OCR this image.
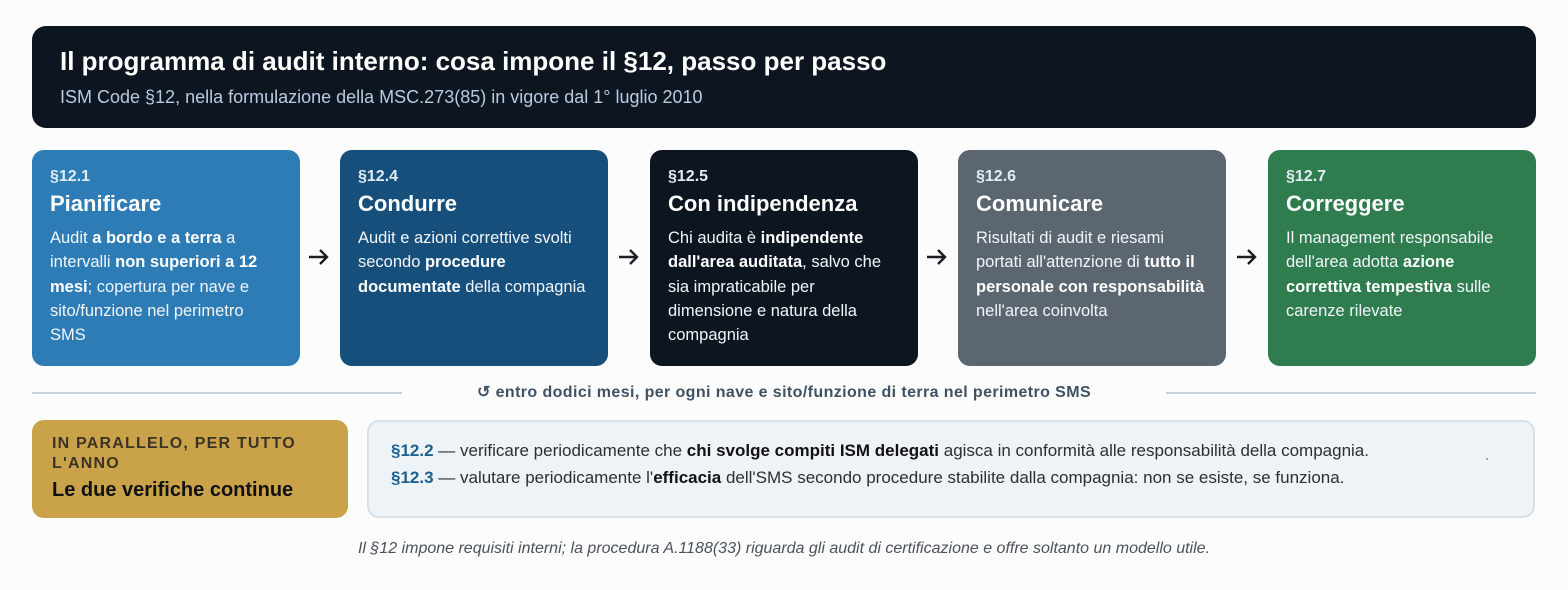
Il programma di audit interno: cosa impone il §12, passo per passo
ISM Code §12, nella formulazione della MSC.273(85) in vigore dal 1° luglio 2010
§12.1
Pianificare
Audit a bordo e a terra a intervalli non superiori a 12 mesi; copertura per nave e sito/funzione nel perimetro SMS
§12.4
Condurre
Audit e azioni correttive svolti secondo procedure documentate della compagnia
§12.5
Con indipendenza
Chi audita è indipendente dall'area auditata, salvo che sia impraticabile per dimensione e natura della compagnia
§12.6
Comunicare
Risultati di audit e riesami portati all'attenzione di tutto il personale con responsabilità nell'area coinvolta
§12.7
Correggere
Il management responsabile dell'area adotta azione correttiva tempestiva sulle carenze rilevate
↺ entro dodici mesi, per ogni nave e sito/funzione di terra nel perimetro SMS
IN PARALLELO, PER TUTTO L'ANNO
Le due verifiche continue
§12.2 — verificare periodicamente che chi svolge compiti ISM delegati agisca in conformità alle responsabilità della compagnia.
§12.3 — valutare periodicamente l'efficacia dell'SMS secondo procedure stabilite dalla compagnia: non se esiste, se funziona.
·
Il §12 impone requisiti interni; la procedura A.1188(33) riguarda gli audit di certificazione e offre soltanto un modello utile.
